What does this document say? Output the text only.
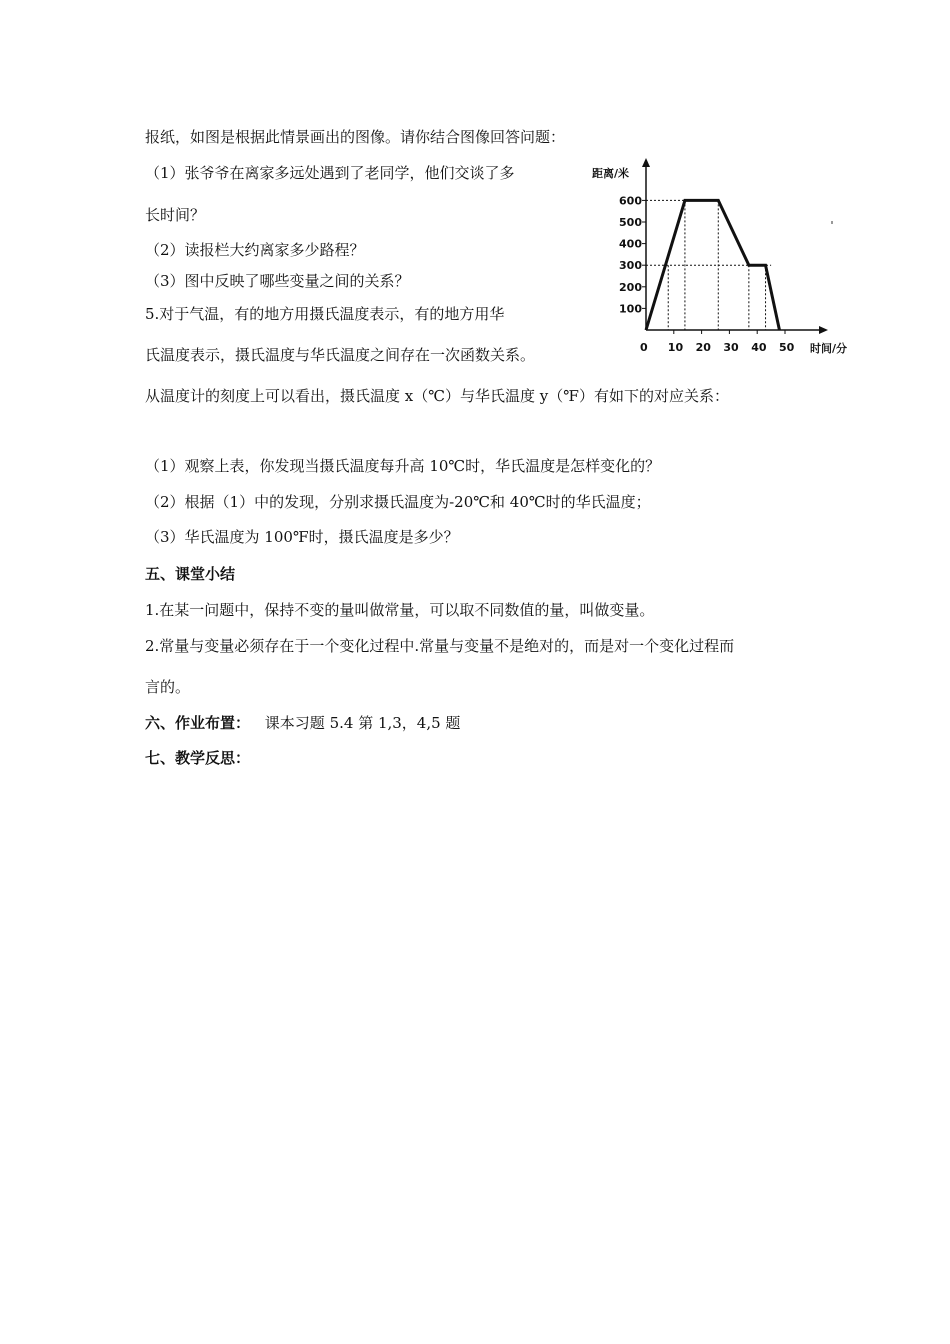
报纸，如图是根据此情景画出的图像。请你结合图像回答问题：
（1）张爷爷在离家多远处遇到了老同学，他们交谈了多
长时间？
（2）读报栏大约离家多少路程？
（3）图中反映了哪些变量之间的关系？
5.对于气温，有的地方用摄氏温度表示，有的地方用华
氏温度表示，摄氏温度与华氏温度之间存在一次函数关系。
从温度计的刻度上可以看出，摄氏温度 x（℃）与华氏温度 y（℉）有如下的对应关系：
（1）观察上表，你发现当摄氏温度每升高 10℃时，华氏温度是怎样变化的？
（2）根据（1）中的发现，分别求摄氏温度为-20℃和 40℃时的华氏温度；
（3）华氏温度为 100℉时，摄氏温度是多少？
五、课堂小结
1.在某一问题中，保持不变的量叫做常量，可以取不同数值的量，叫做变量。
2.常量与变量必须存在于一个变化过程中.常量与变量不是绝对的，而是对一个变化过程而
言的。
六、作业布置： 课本习题 5.4 第 1,3，4,5 题
七、教学反思：
距离/米
时间/分
100
200
300
400
500
600
0 10 20 30 40 50
